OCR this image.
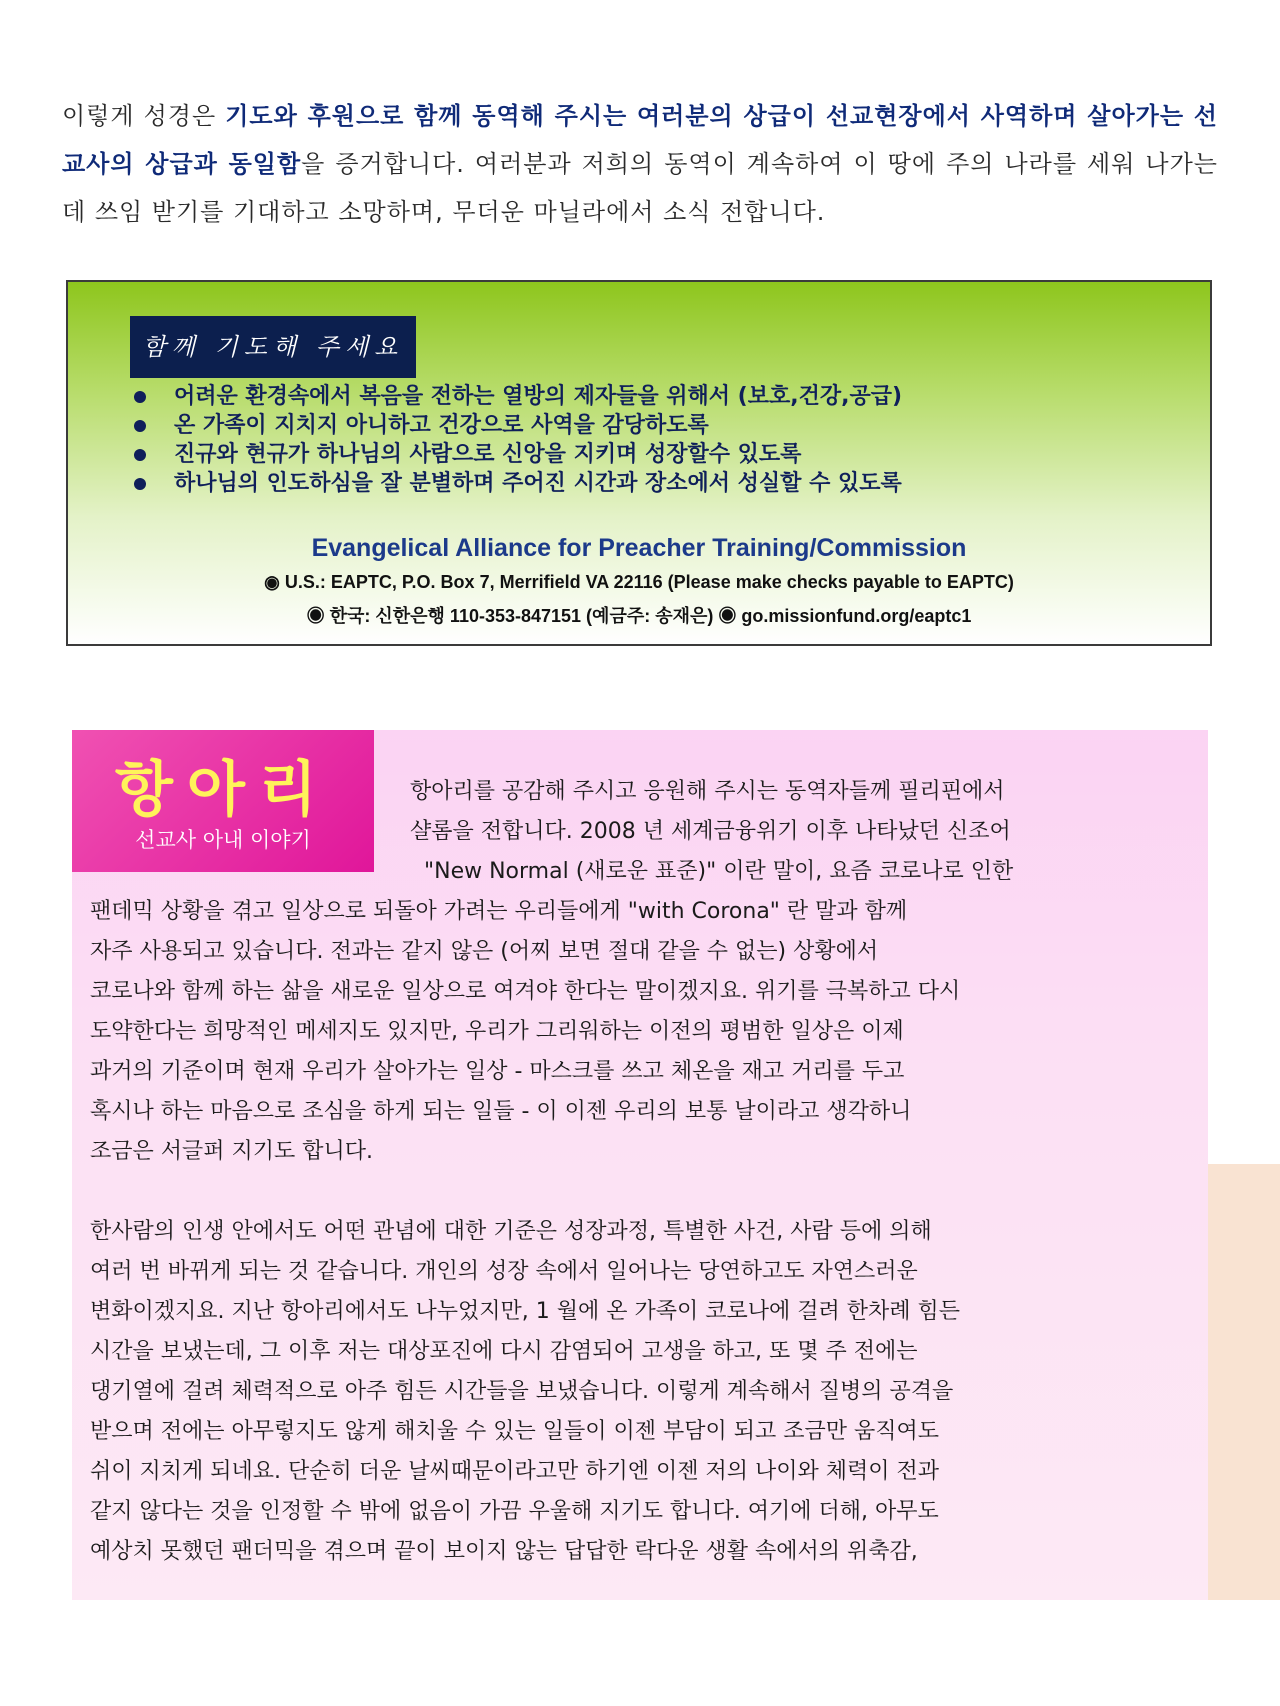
이렇게 성경은 기도와 후원으로 함께 동역해 주시는 여러분의 상급이 선교현장에서 사역하며 살아가는 선교사의 상급과 동일함을 증거합니다. 여러분과 저희의 동역이 계속하여 이 땅에 주의 나라를 세워 나가는데 쓰임 받기를 기대하고 소망하며, 무더운 마닐라에서 소식 전합니다.
함께 기도해 주세요
어려운 환경속에서 복음을 전하는 열방의 제자들을 위해서 (보호,건강,공급)
온 가족이 지치지 아니하고 건강으로 사역을 감당하도록
진규와 현규가 하나님의 사람으로 신앙을 지키며 성장할수 있도록
하나님의 인도하심을 잘 분별하며 주어진 시간과 장소에서 성실할 수 있도록
Evangelical Alliance for Preacher Training/Commission
◉ U.S.: EAPTC, P.O. Box 7, Merrifield VA 22116 (Please make checks payable to EAPTC)
◉ 한국: 신한은행 110-353-847151 (예금주: 송재은) ◉ go.missionfund.org/eaptc1
항아리
선교사 아내 이야기
항아리를 공감해 주시고 응원해 주시는 동역자들께 필리핀에서
샬롬을 전합니다. 2008 년 세계금융위기 이후 나타났던 신조어
"New Normal (새로운 표준)" 이란 말이, 요즘 코로나로 인한
팬데믹 상황을 겪고 일상으로 되돌아 가려는 우리들에게 "with Corona" 란 말과 함께
자주 사용되고 있습니다. 전과는 같지 않은 (어찌 보면 절대 같을 수 없는) 상황에서
코로나와 함께 하는 삶을 새로운 일상으로 여겨야 한다는 말이겠지요. 위기를 극복하고 다시
도약한다는 희망적인 메세지도 있지만, 우리가 그리워하는 이전의 평범한 일상은 이제
과거의 기준이며 현재 우리가 살아가는 일상 - 마스크를 쓰고 체온을 재고 거리를 두고
혹시나 하는 마음으로 조심을 하게 되는 일들 - 이 이젠 우리의 보통 날이라고 생각하니
조금은 서글퍼 지기도 합니다.
한사람의 인생 안에서도 어떤 관념에 대한 기준은 성장과정, 특별한 사건, 사람 등에 의해
여러 번 바뀌게 되는 것 같습니다. 개인의 성장 속에서 일어나는 당연하고도 자연스러운
변화이겠지요. 지난 항아리에서도 나누었지만, 1 월에 온 가족이 코로나에 걸려 한차례 힘든
시간을 보냈는데, 그 이후 저는 대상포진에 다시 감염되어 고생을 하고, 또 몇 주 전에는
댕기열에 걸려 체력적으로 아주 힘든 시간들을 보냈습니다. 이렇게 계속해서 질병의 공격을
받으며 전에는 아무렇지도 않게 해치울 수 있는 일들이 이젠 부담이 되고 조금만 움직여도
쉬이 지치게 되네요. 단순히 더운 날씨때문이라고만 하기엔 이젠 저의 나이와 체력이 전과
같지 않다는 것을 인정할 수 밖에 없음이 가끔 우울해 지기도 합니다. 여기에 더해, 아무도
예상치 못했던 팬더믹을 겪으며 끝이 보이지 않는 답답한 락다운 생활 속에서의 위축감,
